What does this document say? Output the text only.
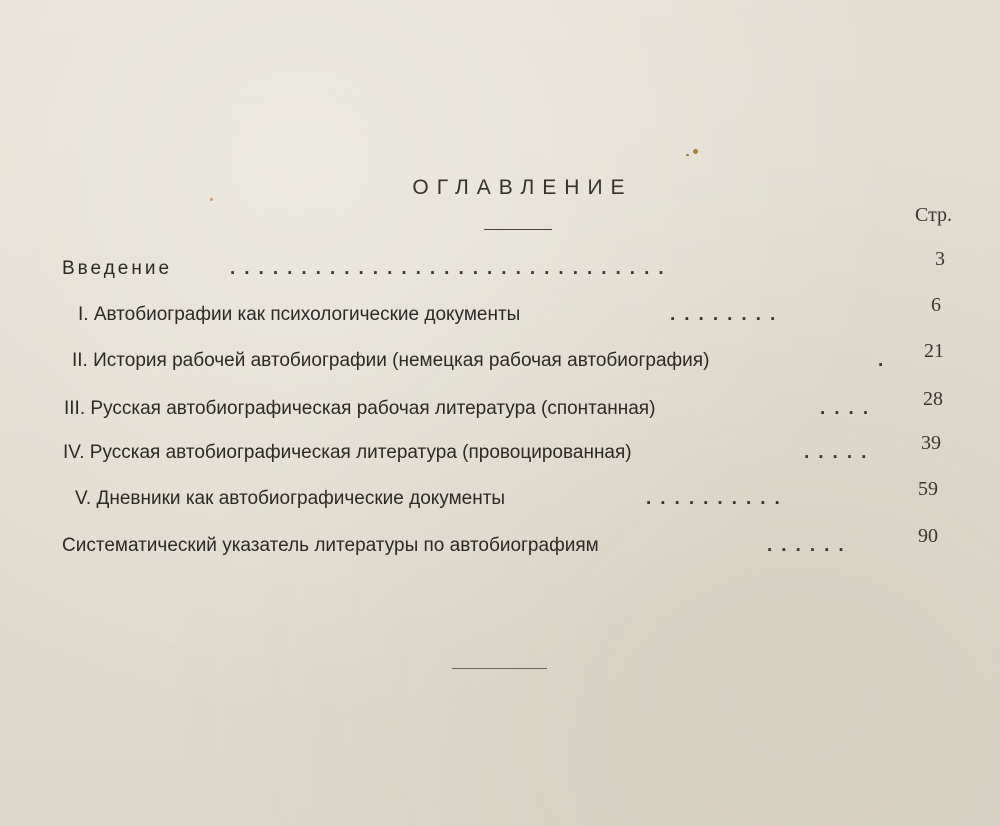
ОГЛАВЛЕНИЕ
Стр.
Введение	...............................	3
I. Автобиографии как психологические документы	........	6
II. История рабочей автобиографии (немецкая рабочая автобиография)	. 21
III. Русская автобиографическая рабочая литература (спонтанная)	.... 28
IV. Русская автобиографическая литература (провоцированная)	..... 39
V. Дневники как автобиографические документы	..........	59
Систематический указатель литературы по автобиографиям	......	90
